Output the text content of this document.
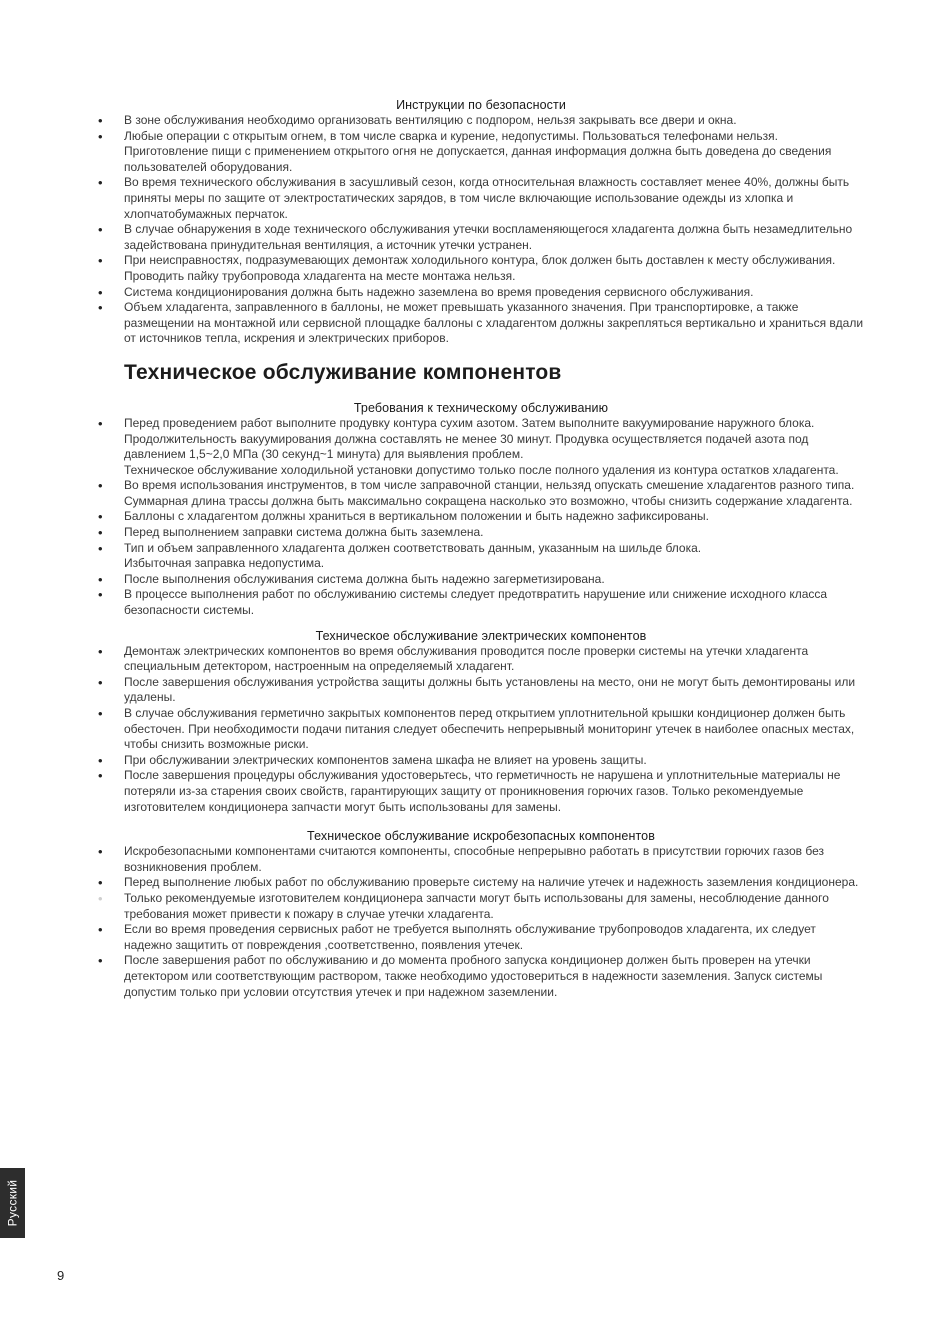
Инструкции по безопасности
• В зоне обслуживания необходимо организовать вентиляцию с подпором, нельзя закрывать все двери и окна.
• Любые операции с открытым огнем, в том числе сварка и курение, недопустимы. Пользоваться телефонами нельзя. Приготовление пищи с применением открытого огня не допускается, данная информация должна быть доведена до сведения пользователей оборудования.
• Во время технического обслуживания в засушливый сезон, когда относительная влажность составляет менее 40%, должны быть приняты меры по защите от электростатических зарядов, в том числе включающие использование одежды из хлопка и хлопчатобумажных перчаток.
• В случае обнаружения в ходе технического обслуживания утечки воспламеняющегося хладагента должна быть незамедлительно задействована принудительная вентиляция, а источник утечки устранен.
• При неисправностях, подразумевающих демонтаж холодильного контура, блок должен быть доставлен к месту обслуживания. Проводить пайку трубопровода хладагента на месте монтажа нельзя.
• Система кондиционирования должна быть надежно заземлена во время проведения сервисного обслуживания.
• Объем хладагента, заправленного в баллоны, не может превышать указанного значения. При транспортировке, а также размещении на монтажной или сервисной площадке баллоны с хладагентом должны закрепляться вертикально и храниться вдали от источников тепла, искрения и электрических приборов.
Техническое обслуживание компонентов
Требования к техническому обслуживанию
• Перед проведением работ выполните продувку контура сухим азотом. Затем выполните вакуумирование наружного блока. Продолжительность вакуумирования должна составлять не менее 30 минут. Продувка осуществляется подачей азота под давлением 1,5~2,0 МПа (30 секунд~1 минута) для выявления проблем.
Техническое обслуживание холодильной установки допустимо только после полного удаления из контура остатков хладагента.
• Во время использования инструментов, в том числе заправочной станции, нельзяд опускать смешение хладагентов разного типа.
Суммарная длина трассы должна быть максимально сокращена насколько это возможно, чтобы снизить содержание хладагента.
• Баллоны с хладагентом должны храниться в вертикальном положении и быть надежно зафиксированы.
• Перед выполнением заправки система должна быть заземлена.
• Тип и объем заправленного хладагента должен соответствовать данным, указанным на шильде блока.
Избыточная заправка недопустима.
• После выполнения обслуживания система должна быть надежно загерметизирована.
• В процессе выполнения работ по обслуживанию системы следует предотвратить нарушение или снижение исходного класса безопасности системы.
Техническое обслуживание электрических компонентов
• Демонтаж электрических компонентов во время обслуживания проводится после проверки системы на утечки хладагента специальным детектором, настроенным на определяемый хладагент.
• После завершения обслуживания устройства защиты должны быть установлены на место, они не могут быть демонтированы или удалены.
• В случае обслуживания герметично закрытых компонентов перед открытием уплотнительной крышки кондиционер должен быть обесточен. При необходимости подачи питания следует обеспечить непрерывный мониторинг утечек в наиболее опасных местах, чтобы снизить возможные риски.
• При обслуживании электрических компонентов замена шкафа не влияет на уровень защиты.
• После завершения процедуры обслуживания удостоверьтесь, что герметичность не нарушена и уплотнительные материалы не потеряли из-за старения своих свойств, гарантирующих защиту от проникновения горючих газов. Только рекомендуемые изготовителем кондиционера запчасти могут быть использованы для замены.
Техническое обслуживание искробезопасных компонентов
• Искробезопасными компонентами считаются компоненты, способные непрерывно работать в присутствии горючих газов без возникновения проблем.
• Перед выполнение любых работ по обслуживанию проверьте систему на наличие утечек и надежность заземления кондиционера.
• Только рекомендуемые изготовителем кондиционера запчасти могут быть использованы для замены, несоблюдение данного требования может привести к пожару в случае утечки хладагента.
• Если во время проведения сервисных работ не требуется выполнять обслуживание трубопроводов хладагента, их следует надежно защитить от повреждения ,соответственно, появления утечек.
• После завершения работ по обслуживанию и до момента пробного запуска кондиционер должен быть проверен на утечки детектором или соответствующим раствором, также необходимо удостовериться в надежности заземления. Запуск системы допустим только при условии отсутствия утечек и при надежном заземлении.
Русский
9
